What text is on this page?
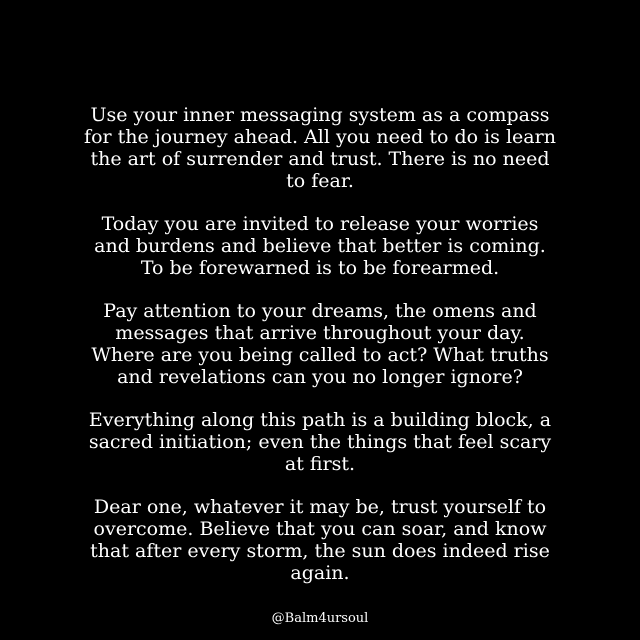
Use your inner messaging system as a compass
for the journey ahead. All you need to do is learn
the art of surrender and trust. There is no need
to fear.

Today you are invited to release your worries
and burdens and believe that better is coming.
To be forewarned is to be forearmed.

Pay attention to your dreams, the omens and
messages that arrive throughout your day.
Where are you being called to act? What truths
and revelations can you no longer ignore?

Everything along this path is a building block, a
sacred initiation; even the things that feel scary
at first.

Dear one, whatever it may be, trust yourself to
overcome. Believe that you can soar, and know
that after every storm, the sun does indeed rise
again.

@Balm4ursoul
